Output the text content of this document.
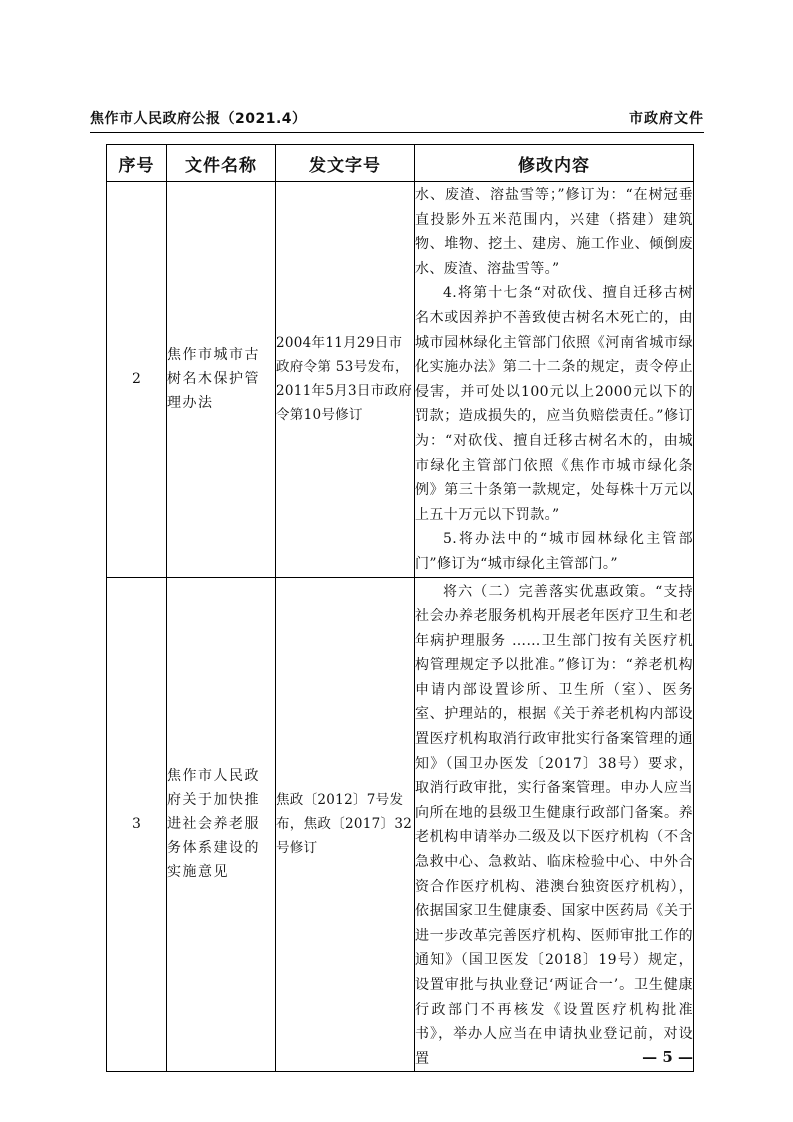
焦作市人民政府公报（2021.4）	市政府文件
序号	文件名称	发文字号	修改内容
2	焦作市城市古树名木保护管理办法	2004年11月29日市政府令第 53号发布，2011年5月3日市政府令第10号修订	水、废渣、溶盐雪等；”修订为：“在树冠垂直投影外五米范围内，兴建（搭建）建筑物、堆物、挖土、建房、施工作业、倾倒废水、废渣、溶盐雪等。”

4.将第十七条“对砍伐、擅自迁移古树名木或因养护不善致使古树名木死亡的，由城市园林绿化主管部门依照《河南省城市绿化实施办法》第二十二条的规定，责令停止侵害，并可处以100元以上2000元以下的罚款；造成损失的，应当负赔偿责任。”修订为：“对砍伐、擅自迁移古树名木的，由城市绿化主管部门依照《焦作市城市绿化条例》第三十条第一款规定，处每株十万元以上五十万元以下罚款。”

5.将办法中的“城市园林绿化主管部门”修订为“城市绿化主管部门。”

3	焦作市人民政府关于加快推进社会养老服务体系建设的实施意见	焦政〔2012〕7号发布，焦政〔2017〕32号修订	将六（二）完善落实优惠政策。“支持社会办养老服务机构开展老年医疗卫生和老年病护理服务 ……卫生部门按有关医疗机构管理规定予以批准。”修订为：“养老机构申请内部设置诊所、卫生所（室）、医务室、护理站的，根据《关于养老机构内部设置医疗机构取消行政审批实行备案管理的通知》（国卫办医发〔2017〕38号）要求，取消行政审批，实行备案管理。申办人应当向所在地的县级卫生健康行政部门备案。养老机构申请举办二级及以下医疗机构（不含急救中心、急救站、临床检验中心、中外合资合作医疗机构、港澳台独资医疗机构），依据国家卫生健康委、国家中医药局《关于进一步改革完善医疗机构、医师审批工作的通知》（国卫医发〔2018〕19号）规定，设置审批与执业登记‘两证合一’。卫生健康行政部门不再核发《设置医疗机构批准书》，举办人应当在申请执业登记前，对设置	— 5 —
